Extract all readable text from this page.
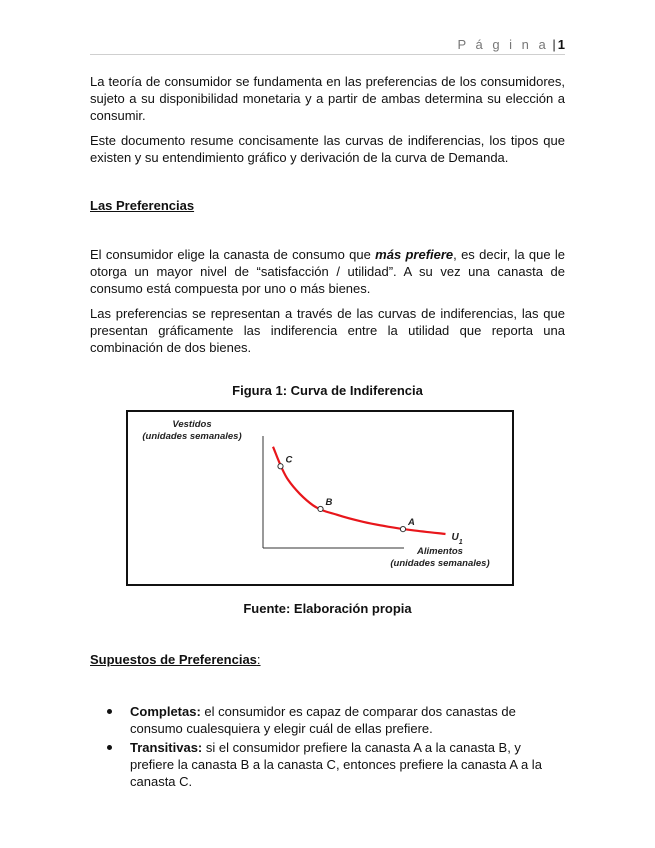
P á g i n a | 1

La teoría de consumidor se fundamenta en las preferencias de los consumidores, sujeto a su disponibilidad monetaria y a partir de ambas determina su elección a consumir.

Este documento resume concisamente las curvas de indiferencias, los tipos que existen y su entendimiento gráfico y derivación de la curva de Demanda.

Las Preferencias

El consumidor elige la canasta de consumo que más prefiere, es decir, la que le otorga un mayor nivel de “satisfacción / utilidad”. A su vez una canasta de consumo está compuesta por uno o más bienes.

Las preferencias se representan a través de las curvas de indiferencias, las que presentan gráficamente las indiferencia entre la utilidad que reporta una combinación de dos bienes.

Figura 1: Curva de Indiferencia

Vestidos
(unidades semanales)
Alimentos
(unidades semanales)
C
B
A
$U_1$

Fuente: Elaboración propia

Supuestos de Preferencias:
Completas: el consumidor es capaz de comparar dos canastas de consumo cualesquiera y elegir cuál de ellas prefiere.
Transitivas: si el consumidor prefiere la canasta A a la canasta B, y prefiere la canasta B a la canasta C, entonces prefiere la canasta A a la canasta C.
